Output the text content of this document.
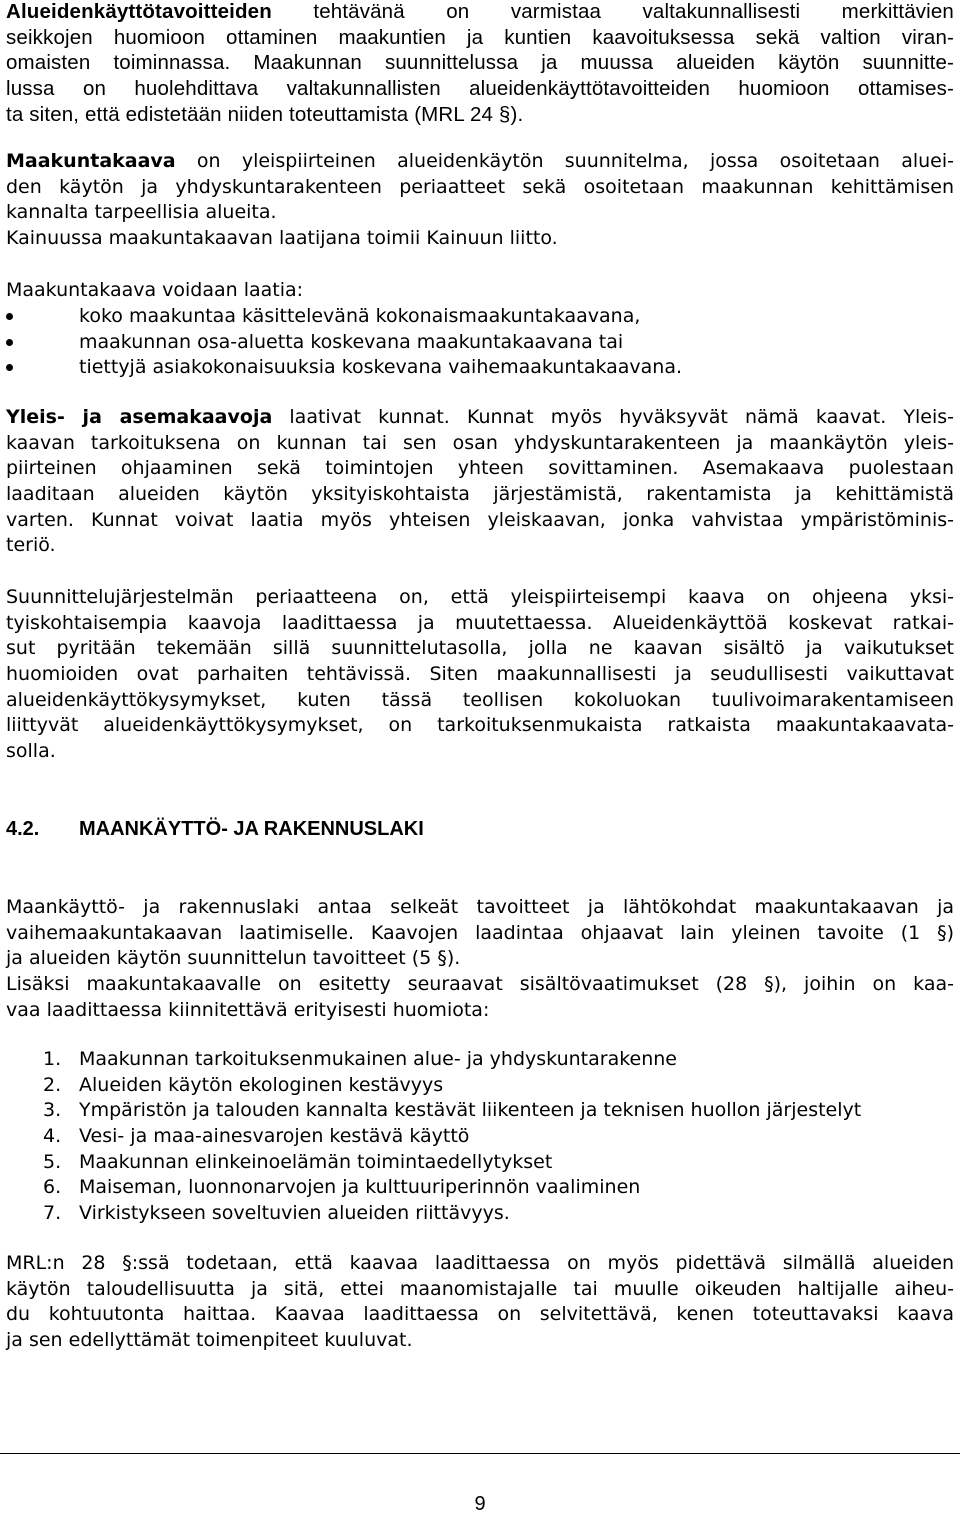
Alueidenkäyttötavoitteiden tehtävänä on varmistaa valtakunnallisesti merkittävien
seikkojen huomioon ottaminen maakuntien ja kuntien kaavoituksessa sekä valtion viran-
omaisten toiminnassa. Maakunnan suunnittelussa ja muussa alueiden käytön suunnitte-
lussa on huolehdittava valtakunnallisten alueidenkäyttötavoitteiden huomioon ottamises-
ta siten, että edistetään niiden toteuttamista (MRL 24 §).
Maakuntakaava on yleispiirteinen alueidenkäytön suunnitelma, jossa osoitetaan aluei-
den käytön ja yhdyskuntarakenteen periaatteet sekä osoitetaan maakunnan kehittämisen
kannalta tarpeellisia alueita.
Kainuussa maakuntakaavan laatijana toimii Kainuun liitto.
Maakuntakaava voidaan laatia:
koko maakuntaa käsittelevänä kokonaismaakuntakaavana,
maakunnan osa-aluetta koskevana maakuntakaavana tai
tiettyjä asiakokonaisuuksia koskevana vaihemaakuntakaavana.
Yleis- ja asemakaavoja laativat kunnat. Kunnat myös hyväksyvät nämä kaavat. Yleis-
kaavan tarkoituksena on kunnan tai sen osan yhdyskuntarakenteen ja maankäytön yleis-
piirteinen ohjaaminen sekä toimintojen yhteen sovittaminen. Asemakaava puolestaan
laaditaan alueiden käytön yksityiskohtaista järjestämistä, rakentamista ja kehittämistä
varten. Kunnat voivat laatia myös yhteisen yleiskaavan, jonka vahvistaa ympäristöminis-
teriö.
Suunnittelujärjestelmän periaatteena on, että yleispiirteisempi kaava on ohjeena yksi-
tyiskohtaisempia kaavoja laadittaessa ja muutettaessa. Alueidenkäyttöä koskevat ratkai-
sut pyritään tekemään sillä suunnittelutasolla, jolla ne kaavan sisältö ja vaikutukset
huomioiden ovat parhaiten tehtävissä. Siten maakunnallisesti ja seudullisesti vaikuttavat
alueidenkäyttökysymykset, kuten tässä teollisen kokoluokan tuulivoimarakentamiseen
liittyvät alueidenkäyttökysymykset, on tarkoituksenmukaista ratkaista maakuntakaavata-
solla.
4.2. MAANKÄYTTÖ- JA RAKENNUSLAKI
Maankäyttö- ja rakennuslaki antaa selkeät tavoitteet ja lähtökohdat maakuntakaavan ja
vaihemaakuntakaavan laatimiselle. Kaavojen laadintaa ohjaavat lain yleinen tavoite (1 §)
ja alueiden käytön suunnittelun tavoitteet (5 §).
Lisäksi maakuntakaavalle on esitetty seuraavat sisältövaatimukset (28 §), joihin on kaa-
vaa laadittaessa kiinnitettävä erityisesti huomiota:
1. Maakunnan tarkoituksenmukainen alue- ja yhdyskuntarakenne
2. Alueiden käytön ekologinen kestävyys
3. Ympäristön ja talouden kannalta kestävät liikenteen ja teknisen huollon järjestelyt
4. Vesi- ja maa-ainesvarojen kestävä käyttö
5. Maakunnan elinkeinoelämän toimintaedellytykset
6. Maiseman, luonnonarvojen ja kulttuuriperinnön vaaliminen
7. Virkistykseen soveltuvien alueiden riittävyys.
MRL:n 28 §:ssä todetaan, että kaavaa laadittaessa on myös pidettävä silmällä alueiden
käytön taloudellisuutta ja sitä, ettei maanomistajalle tai muulle oikeuden haltijalle aiheu-
du kohtuutonta haittaa. Kaavaa laadittaessa on selvitettävä, kenen toteuttavaksi kaava
ja sen edellyttämät toimenpiteet kuuluvat.
9
